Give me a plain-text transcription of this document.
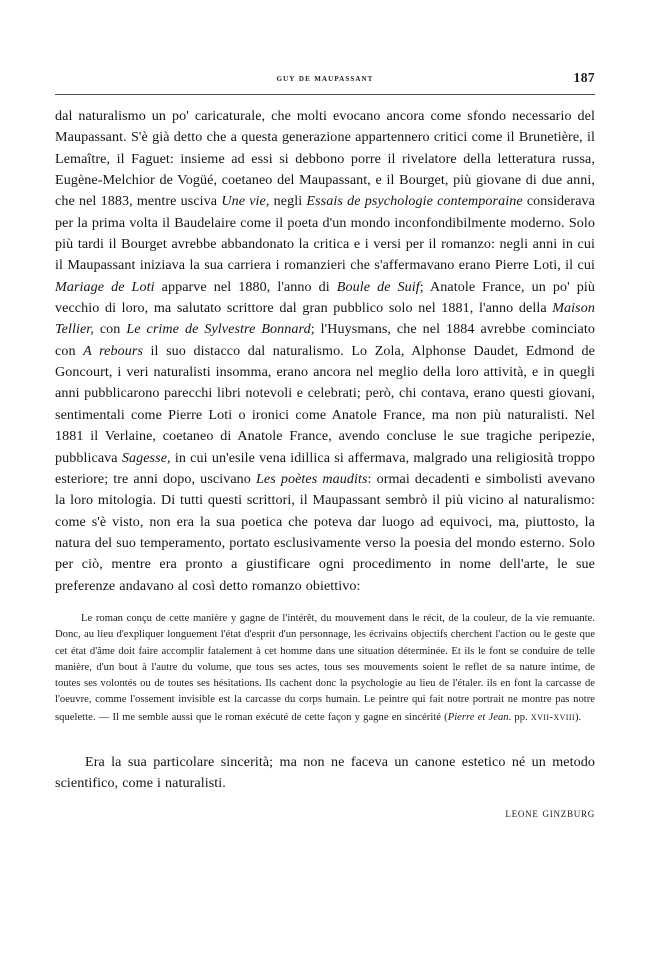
guy de maupassant	187

dal naturalismo un po' caricaturale, che molti evocano ancora come sfondo necessario del Maupassant. S'è già detto che a questa generazione appartennero critici come il Brunetière, il Lemaître, il Faguet: insieme ad essi si debbono porre il rivelatore della letteratura russa, Eugène-Melchior de Vogüé, coetaneo del Maupassant, e il Bourget, più giovane di due anni, che nel 1883, mentre usciva Une vie, negli Essais de psychologie contemporaine considerava per la prima volta il Baudelaire come il poeta d'un mondo inconfondibilmente moderno. Solo più tardi il Bourget avrebbe abbandonato la critica e i versi per il romanzo: negli anni in cui il Maupassant iniziava la sua carriera i romanzieri che s'affermavano erano Pierre Loti, il cui Mariage de Loti apparve nel 1880, l'anno di Boule de Suif; Anatole France, un po' più vecchio di loro, ma salutato scrittore dal gran pubblico solo nel 1881, l'anno della Maison Tellier, con Le crime de Sylvestre Bonnard; l'Huysmans, che nel 1884 avrebbe cominciato con A rebours il suo distacco dal naturalismo. Lo Zola, Alphonse Daudet, Edmond de Goncourt, i veri naturalisti insomma, erano ancora nel meglio della loro attività, e in quegli anni pubblicarono parecchi libri notevoli e celebrati; però, chi contava, erano questi giovani, sentimentali come Pierre Loti o ironici come Anatole France, ma non più naturalisti. Nel 1881 il Verlaine, coetaneo di Anatole France, avendo concluse le sue tragiche peripezie, pubblicava Sagesse, in cui un'esile vena idillica si affermava, malgrado una religiosità troppo esteriore; tre anni dopo, uscivano Les poètes maudits: ormai decadenti e simbolisti avevano la loro mitologia. Di tutti questi scrittori, il Maupassant sembrò il più vicino al naturalismo: come s'è visto, non era la sua poetica che poteva dar luogo ad equivoci, ma, piuttosto, la natura del suo temperamento, portato esclusivamente verso la poesia del mondo esterno. Solo per ciò, mentre era pronto a giustificare ogni procedimento in nome dell'arte, le sue preferenze andavano al così detto romanzo obiettivo:

Le roman conçu de cette manière y gagne de l'intérêt, du mouvement dans le récit, de la couleur, de la vie remuante. Donc, au lieu d'expliquer longuement l'état d'esprit d'un personnage, les écrivains objectifs cherchent l'action ou le geste que cet état d'âme doit faire accomplir fatalement à cet homme dans une situation déterminée. Et ils le font se conduire de telle manière, d'un bout à l'autre du volume, que tous ses actes, tous ses mouvements soient le reflet de sa nature intime, de toutes ses volontés ou de toutes ses hésitations. Ils cachent donc la psychologie au lieu de l'étaler. ils en font la carcasse de l'oeuvre, comme l'ossement invisible est la carcasse du corps humain. Le peintre qui fait notre portrait ne montre pas notre squelette. — Il me semble aussi que le roman exécuté de cette façon y gagne en sincérité (Pierre et Jean. pp. xvii-xviii).

Era la sua particolare sincerità; ma non ne faceva un canone estetico né un metodo scientifico, come i naturalisti.

leone ginzburg
